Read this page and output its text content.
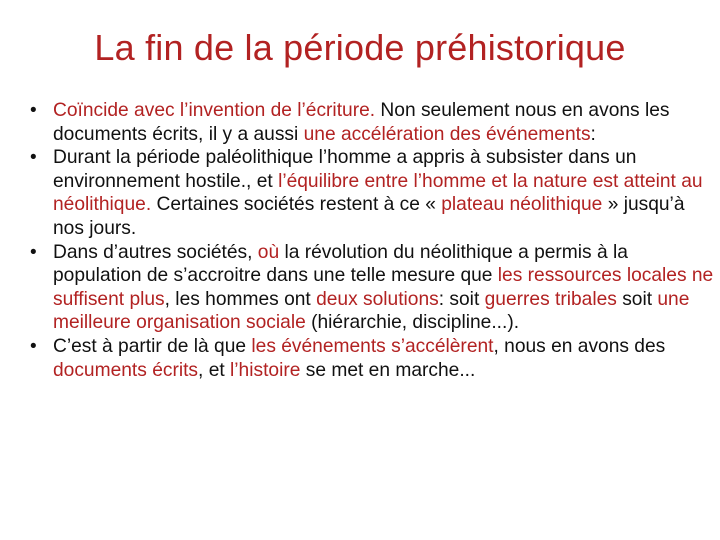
La fin de la période préhistorique
• Coïncide avec l’invention de l’écriture. Non seulement nous en avons les documents écrits, il y a aussi une accélération des événements:
• Durant la période paléolithique l’homme a appris à subsister dans un environnement hostile., et l’équilibre entre l’homme et la nature est atteint au néolithique. Certaines sociétés restent à ce « plateau néolithique » jusqu’à nos jours.
• Dans d’autres sociétés, où la révolution du néolithique a permis à la population de s’accroitre dans une telle mesure que les ressources locales ne suffisent plus, les hommes ont deux solutions: soit guerres tribales soit une meilleure organisation sociale (hiérarchie, discipline...).
• C’est à partir de là que les événements s’accélèrent, nous en avons des documents écrits, et l’histoire se met en marche...
